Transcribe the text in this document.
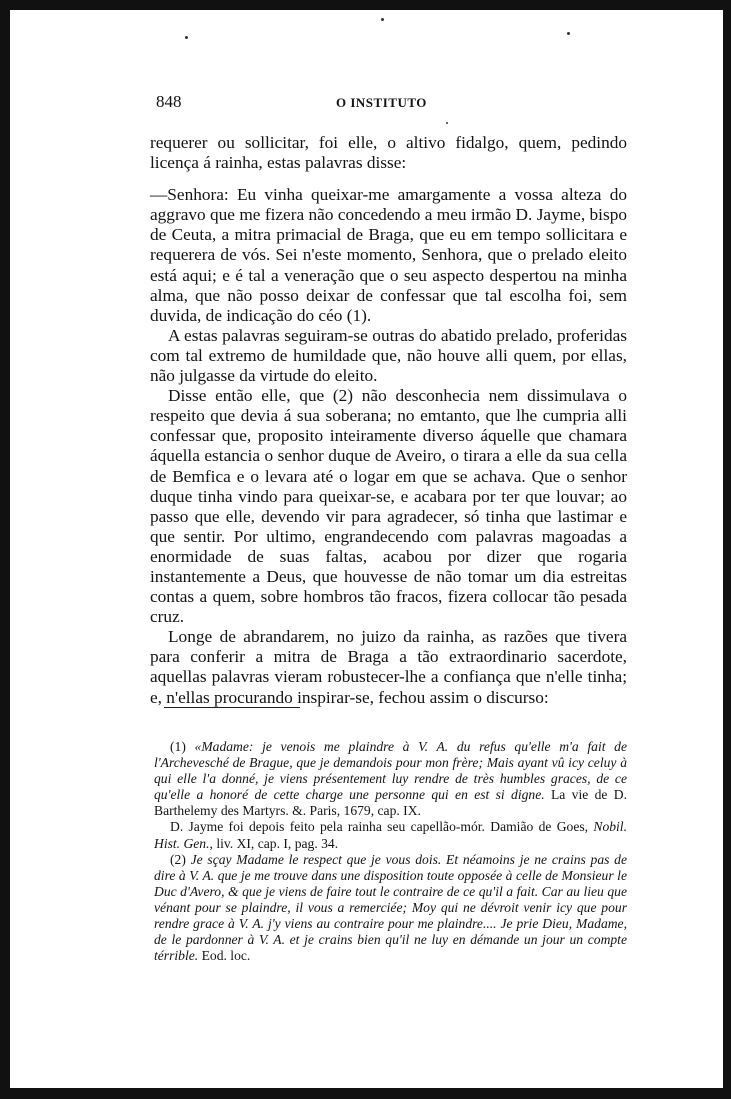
848	O INSTITUTO

requerer ou sollicitar, foi elle, o altivo fidalgo, quem, pedindo licença á rainha, estas palavras disse:

—Senhora: Eu vinha queixar-me amargamente a vossa alteza do aggravo que me fizera não concedendo a meu irmão D. Jayme, bispo de Ceuta, a mitra primacial de Braga, que eu em tempo sollicitara e requerera de vós. Sei n'este momento, Senhora, que o prelado eleito está aqui; e é tal a veneração que o seu aspecto despertou na minha alma, que não posso deixar de confessar que tal escolha foi, sem duvida, de indicação do céo (1).

A estas palavras seguiram-se outras do abatido prelado, proferidas com tal extremo de humildade que, não houve alli quem, por ellas, não julgasse da virtude do eleito.

Disse então elle, que (2) não desconhecia nem dissimulava o respeito que devia á sua soberana; no emtanto, que lhe cumpria alli confessar que, proposito inteiramente diverso áquelle que chamara áquella estancia o senhor duque de Aveiro, o tirara a elle da sua cella de Bemfica e o levara até o logar em que se achava. Que o senhor duque tinha vindo para queixar-se, e acabara por ter que louvar; ao passo que elle, devendo vir para agradecer, só tinha que lastimar e que sentir. Por ultimo, engrandecendo com palavras magoadas a enormidade de suas faltas, acabou por dizer que rogaria instantemente a Deus, que houvesse de não tomar um dia estreitas contas a quem, sobre hombros tão fracos, fizera collocar tão pesada cruz.

Longe de abrandarem, no juizo da rainha, as razões que tivera para conferir a mitra de Braga a tão extraordinario sacerdote, aquellas palavras vieram robustecer-lhe a confiança que n'elle tinha; e, n'ellas procurando inspirar-se, fechou assim o discurso:

(1) «Madame: je venois me plaindre à V. A. du refus qu'elle m'a fait de l'Archevesché de Brague, que je demandois pour mon frère; Mais ayant vû icy celuy à qui elle l'a donné, je viens présentement luy rendre de très humbles graces, de ce qu'elle a honoré de cette charge une personne qui en est si digne. La vie de D. Barthelemy des Martyrs. &. Paris, 1679, cap. IX.

D. Jayme foi depois feito pela rainha seu capellão-mór. Damião de Goes, Nobil. Hist. Gen., liv. XI, cap. I, pag. 34.

(2) Je sçay Madame le respect que je vous dois. Et néamoins je ne crains pas de dire à V. A. que je me trouve dans une disposition toute opposée à celle de Monsieur le Duc d'Avero, & que je viens de faire tout le contraire de ce qu'il a fait. Car au lieu que vénant pour se plaindre, il vous a remerciée; Moy qui ne dévroit venir icy que pour rendre grace à V. A. j'y viens au contraire pour me plaindre.... Je prie Dieu, Madame, de le pardonner à V. A. et je crains bien qu'il ne luy en démande un jour un compte térrible. Eod. loc.
